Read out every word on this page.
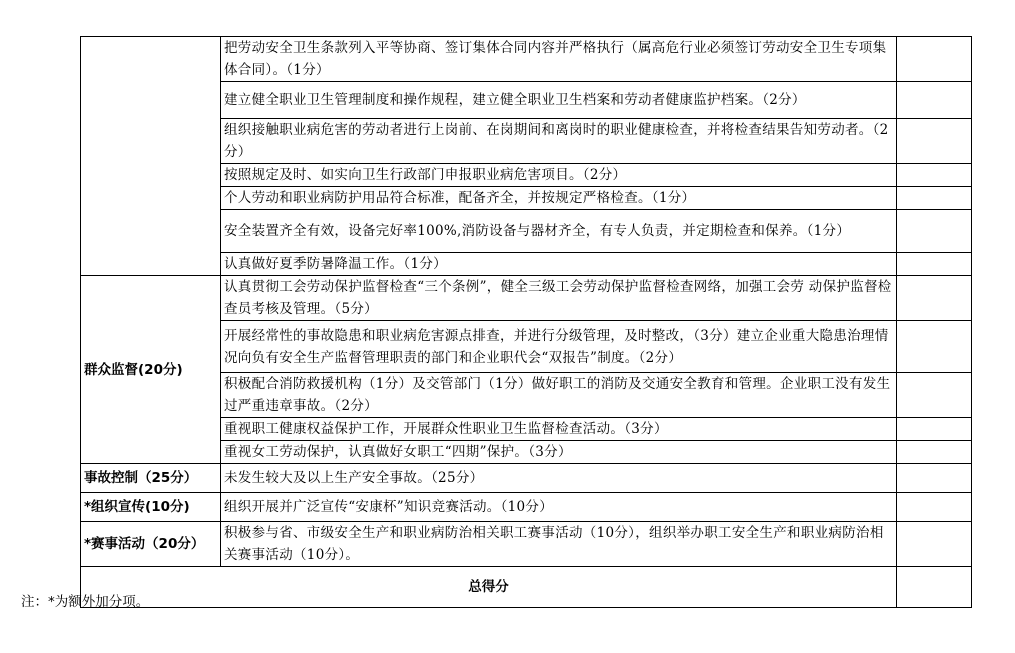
	把劳动安全卫生条款列入平等协商、签订集体合同内容并严格执行（属高危行业必须签订劳动安全卫生专项集体合同）。（1分）	
	建立健全职业卫生管理制度和操作规程，建立健全职业卫生档案和劳动者健康监护档案。（2分）	
	组织接触职业病危害的劳动者进行上岗前、在岗期间和离岗时的职业健康检查，并将检查结果告知劳动者。（2分）	
	按照规定及时、如实向卫生行政部门申报职业病危害项目。（2分）	
	个人劳动和职业病防护用品符合标准，配备齐全，并按规定严格检查。（1分）	
	安全装置齐全有效，设备完好率100%,消防设备与器材齐全，有专人负责，并定期检查和保养。（1分）	
	认真做好夏季防暑降温工作。（1分）	
群众监督(20分)	认真贯彻工会劳动保护监督检查“三个条例”，健全三级工会劳动保护监督检查网络，加强工会劳 动保护监督检查员考核及管理。（5分）	
	开展经常性的事故隐患和职业病危害源点排查，并进行分级管理，及时整改，（3分）建立企业重大隐患治理情况向负有安全生产监督管理职责的部门和企业职代会“双报告”制度。（2分）	
	积极配合消防救援机构（1分）及交管部门（1分）做好职工的消防及交通安全教育和管理。企业职工没有发生过严重违章事故。（2分）	
	重视职工健康权益保护工作，开展群众性职业卫生监督检查活动。（3分）	
	重视女工劳动保护，认真做好女职工“四期”保护。（3分）	
事故控制（25分）	未发生较大及以上生产安全事故。（25分）	
*组织宣传(10分)	组织开展并广泛宣传“安康杯”知识竞赛活动。（10分）	
*赛事活动（20分）	积极参与省、市级安全生产和职业病防治相关职工赛事活动（10分），组织举办职工安全生产和职业病防治相关赛事活动（10分）。	
总得分		
注：*为额外加分项。
